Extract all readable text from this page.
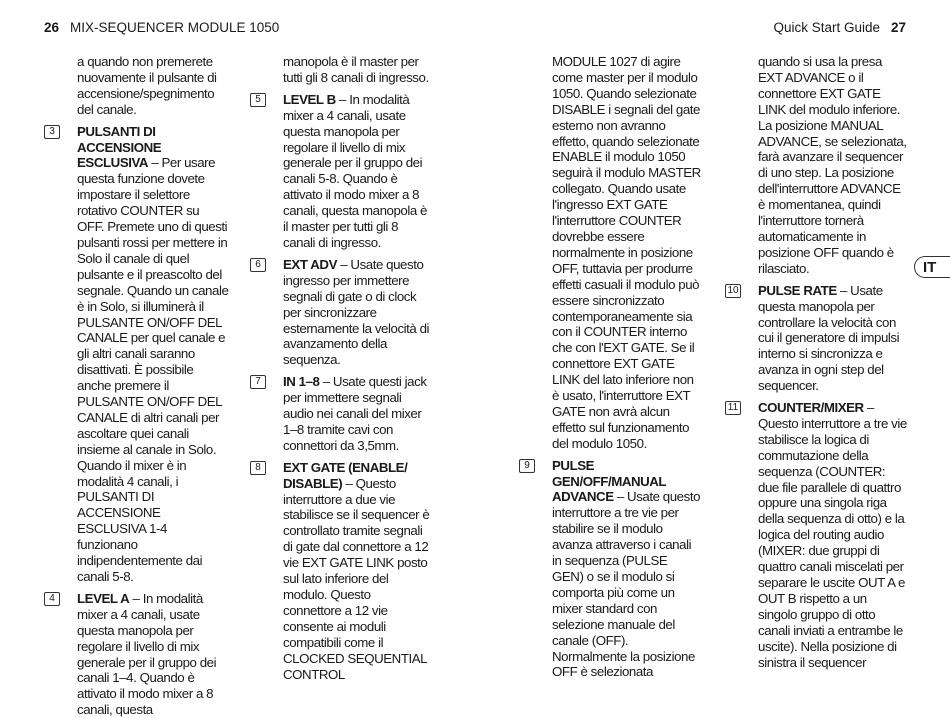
26 MIX-SEQUENCER MODULE 1050	Quick Start Guide 27

a quando non premerete nuovamente il pulsante di accensione/spegnimento del canale.

3	PULSANTI DI ACCENSIONE ESCLUSIVA – Per usare questa funzione dovete impostare il selettore rotativo COUNTER su OFF. Premete uno di questi pulsanti rossi per mettere in Solo il canale di quel pulsante e il preascolto del segnale. Quando un canale è in Solo, si illuminerà il PULSANTE ON/OFF DEL CANALE per quel canale e gli altri canali saranno disattivati. È possibile anche premere il PULSANTE ON/OFF DEL CANALE di altri canali per ascoltare quei canali insieme al canale in Solo. Quando il mixer è in modalità 4 canali, i PULSANTI DI ACCENSIONE ESCLUSIVA 1-4 funzionano indipendentemente dai canali 5-8.
4	LEVEL A – In modalità mixer a 4 canali, usate questa manopola per regolare il livello di mix generale per il gruppo dei canali 1–4. Quando è attivato il modo mixer a 8 canali, questa

manopola è il master per tutti gli 8 canali di ingresso.

5	LEVEL B – In modalità mixer a 4 canali, usate questa manopola per regolare il livello di mix generale per il gruppo dei canali 5-8. Quando è attivato il modo mixer a 8 canali, questa manopola è il master per tutti gli 8 canali di ingresso.
6	EXT ADV – Usate questo ingresso per immettere segnali di gate o di clock per sincronizzare esternamente la velocità di avanzamento della sequenza.
7	IN 1–8 – Usate questi jack per immettere segnali audio nei canali del mixer 1–8 tramite cavi con connettori da 3,5mm.
8	EXT GATE (ENABLE/ DISABLE) – Questo interruttore a due vie stabilisce se il sequencer è controllato tramite segnali di gate dal connettore a 12 vie EXT GATE LINK posto sul lato inferiore del modulo. Questo connettore a 12 vie consente ai moduli compatibili come il CLOCKED SEQUENTIAL CONTROL

MODULE 1027 di agire come master per il modulo 1050. Quando selezionate DISABLE i segnali del gate esterno non avranno effetto, quando selezionate ENABLE il modulo 1050 seguirà il modulo MASTER collegato. Quando usate l'ingresso EXT GATE l'interruttore COUNTER dovrebbe essere normalmente in posizione OFF, tuttavia per produrre effetti casuali il modulo può essere sincronizzato contemporaneamente sia con il COUNTER interno che con l'EXT GATE. Se il connettore EXT GATE LINK del lato inferiore non è usato, l'interruttore EXT GATE non avrà alcun effetto sul funzionamento del modulo 1050.

9	PULSE GEN/OFF/MANUAL ADVANCE – Usate questo interruttore a tre vie per stabilire se il modulo avanza attraverso i canali in sequenza (PULSE GEN) o se il modulo si comporta più come un mixer standard con selezione manuale del canale (OFF). Normalmente la posizione OFF è selezionata

quando si usa la presa EXT ADVANCE o il connettore EXT GATE LINK del modulo inferiore. La posizione MANUAL ADVANCE, se selezionata, farà avanzare il sequencer di uno step. La posizione dell'interruttore ADVANCE è momentanea, quindi l'interruttore tornerà automaticamente in posizione OFF quando è rilasciato.

10 PULSE RATE – Usate questa manopola per controllare la velocità con cui il generatore di impulsi interno si sincronizza e avanza in ogni step del sequencer.
11 COUNTER/MIXER – Questo interruttore a tre vie stabilisce la logica di commutazione della sequenza (COUNTER: due file parallele di quattro oppure una singola riga della sequenza di otto) e la logica del routing audio (MIXER: due gruppi di quattro canali miscelati per separare le uscite OUT A e OUT B rispetto a un singolo gruppo di otto canali inviati a entrambe le uscite). Nella posizione di sinistra il sequencer
IT
